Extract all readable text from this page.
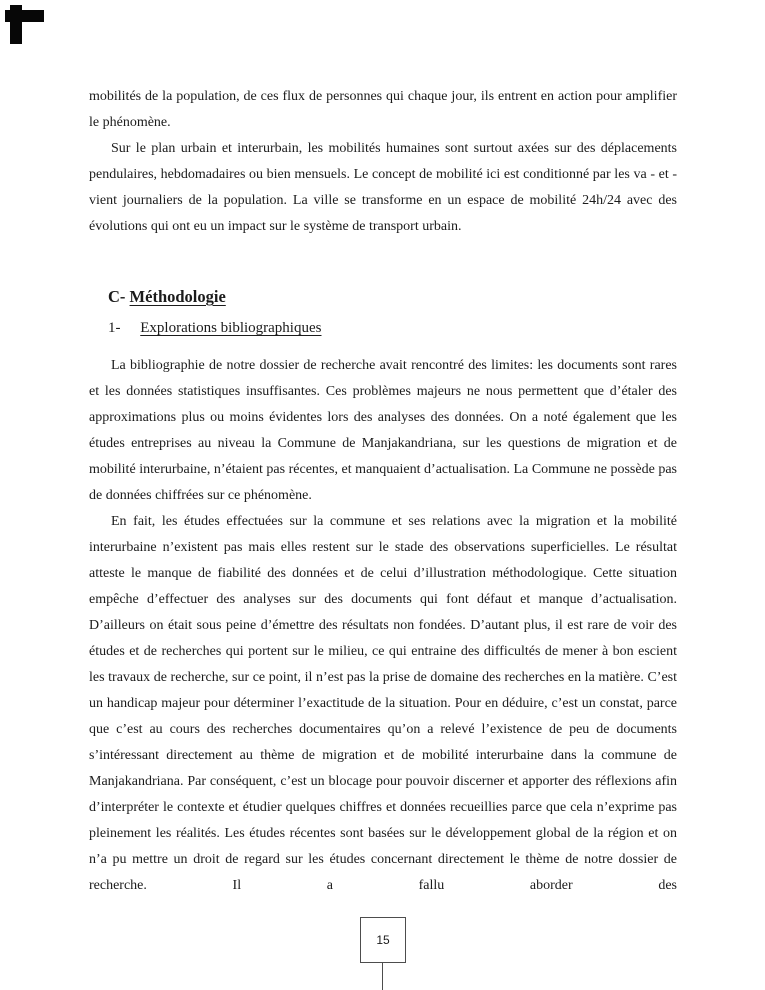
mobilités de la population, de ces flux de personnes qui chaque jour, ils entrent en action pour amplifier le phénomène.

Sur le plan urbain et interurbain, les mobilités humaines sont surtout axées sur des déplacements pendulaires, hebdomadaires ou bien mensuels. Le concept de mobilité ici est conditionné par les va - et -vient journaliers de la population. La ville se transforme en un espace de mobilité 24h/24 avec des évolutions qui ont eu un impact sur le système de transport urbain.

C- Méthodologie
1- Explorations bibliographiques

La bibliographie de notre dossier de recherche avait rencontré des limites: les documents sont rares et les données statistiques insuffisantes. Ces problèmes majeurs ne nous permettent que d’étaler des approximations plus ou moins évidentes lors des analyses des données. On a noté également que les études entreprises au niveau la Commune de Manjakandriana, sur les questions de migration et de mobilité interurbaine, n’étaient pas récentes, et manquaient d’actualisation. La Commune ne possède pas de données chiffrées sur ce phénomène.

En fait, les études effectuées sur la commune et ses relations avec la migration et la mobilité interurbaine n’existent pas mais elles restent sur le stade des observations superficielles. Le résultat atteste le manque de fiabilité des données et de celui d’illustration méthodologique. Cette situation empêche d’effectuer des analyses sur des documents qui font défaut et manque d’actualisation. D’ailleurs on était sous peine d’émettre des résultats non fondées. D’autant plus, il est rare de voir des études et de recherches qui portent sur le milieu, ce qui entraine des difficultés de mener à bon escient les travaux de recherche, sur ce point, il n’est pas la prise de domaine des recherches en la matière. C’est un handicap majeur pour déterminer l’exactitude de la situation. Pour en déduire, c’est un constat, parce que c’est au cours des recherches documentaires qu’on a relevé l’existence de peu de documents s’intéressant directement au thème de migration et de mobilité interurbaine dans la commune de Manjakandriana. Par conséquent, c’est un blocage pour pouvoir discerner et apporter des réflexions afin d’interpréter le contexte et étudier quelques chiffres et données recueillies parce que cela n’exprime pas pleinement les réalités. Les études récentes sont basées sur le développement global de la région et on n’a pu mettre un droit de regard sur les études concernant directement le thème de notre dossier de recherche. Il a fallu aborder des

15
